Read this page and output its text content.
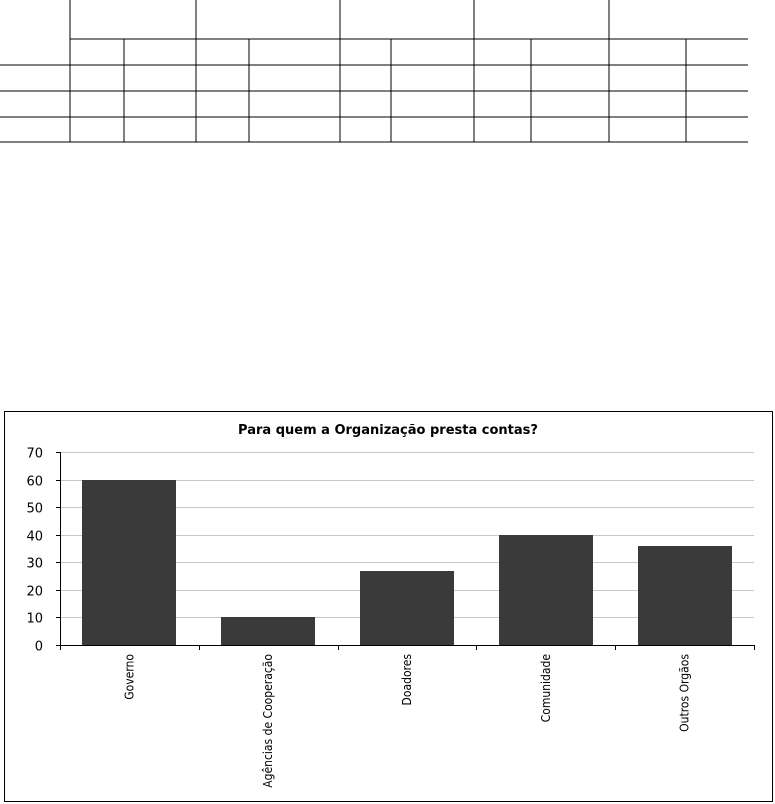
Para quem a Organização presta contas?
0
10
20
30
40
50
60
70
Governo	Agências de Cooperação	Doadores	Comunidade	Outros Orgãos
